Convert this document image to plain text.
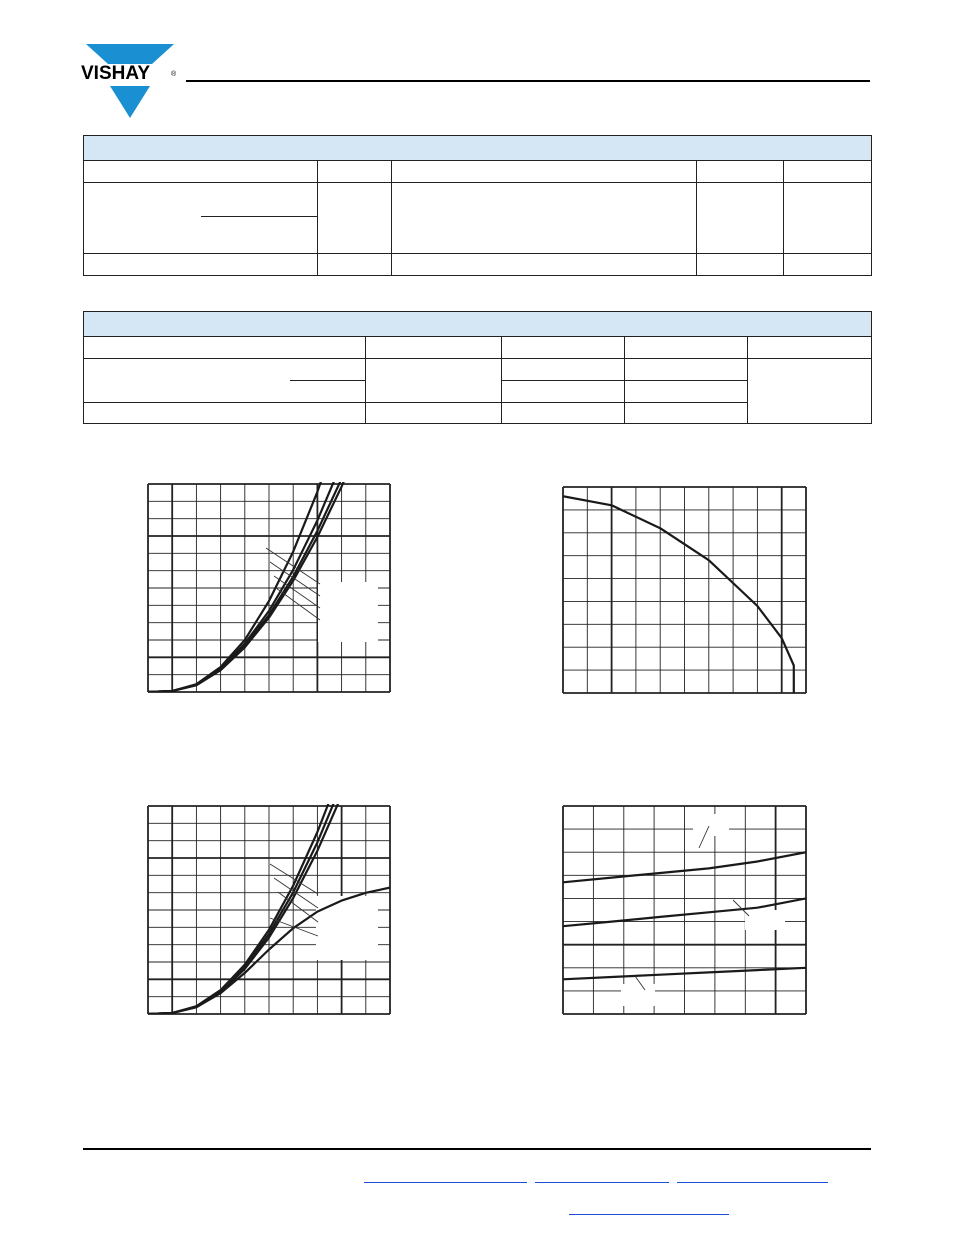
VISHAY	®
